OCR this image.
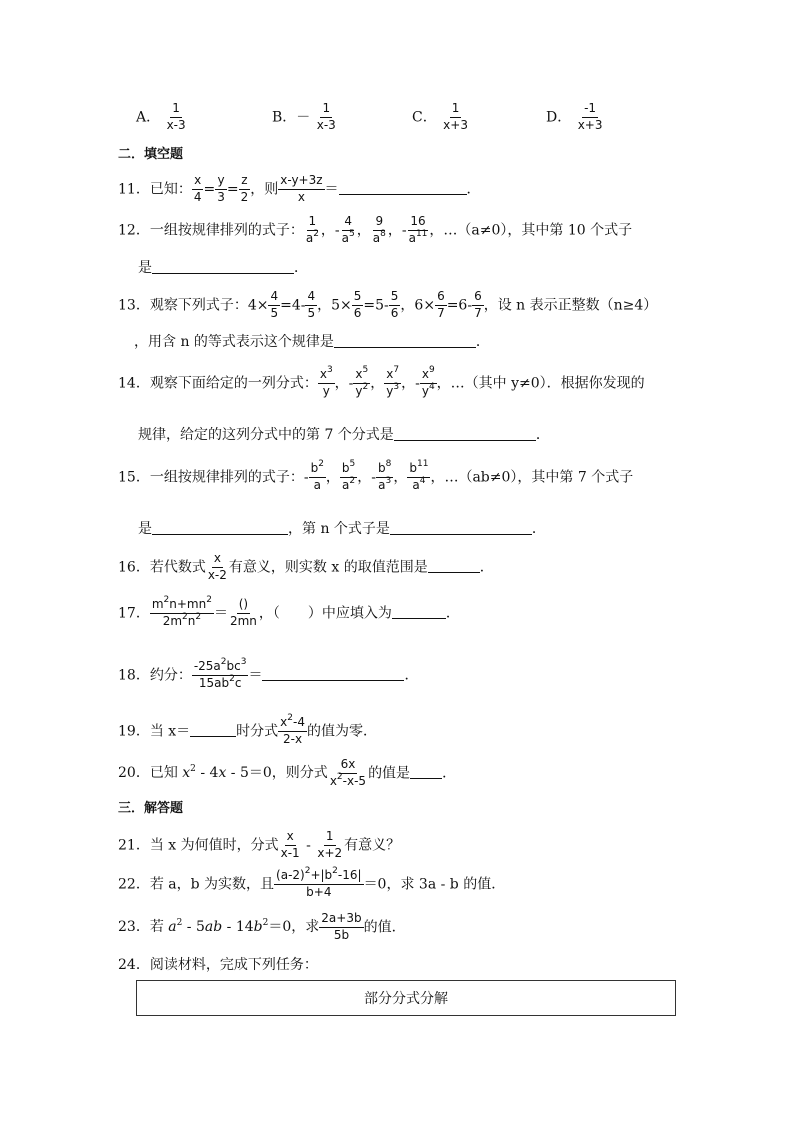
A． $\frac{1}{x-3}$	B．－ $\frac{1}{x-3}$	C． $\frac{1}{x+3}$	D． $\frac{-1}{x+3}$
二．填空题
11．已知： $\frac{x}{4} = \frac{y}{3} = \frac{z}{2}$ ，则 $\frac{x-y+3z}{x}$ ＝	．
12．一组按规律排列的式子： $\frac{1}{a^2}$ ，- $\frac{4}{a^5}$ ， $\frac{9}{a^8}$ ，- $\frac{16}{a^{11}}$ ，…（a≠0），其中第 10 个式子
是	．
13．观察下列式子：$4\times \frac{4}{5} =4- \frac{4}{5}$ ，$5\times \frac{5}{6} =5- \frac{5}{6}$ ，$6\times \frac{6}{7} =6- \frac{6}{7}$ ，设 n 表示正整数（n≥4）
，用含 n 的等式表示这个规律是	．
14．观察下面给定的一列分式： $\frac{x^3}{y}$ ，- $\frac{x^5}{y^2}$ ， $\frac{x^7}{y^3}$ ，- $\frac{x^9}{y^4}$ ，…（其中 y≠0）．根据你发现的
规律，给定的这列分式中的第 7 个分式是	．
15．一组按规律排列的式子：- $\frac{b^2}{a}$ ， $\frac{b^5}{a^2}$ ，- $\frac{b^8}{a^3}$ ， $\frac{b^{11}}{a^4}$ ，…（ab≠0），其中第 7 个式子
是	，第 n 个式子是	．
16．若代数式 $\frac{x}{x-2}$ 有意义，则实数 x 的取值范围是	．
17． $\frac{m^2n+mn^2}{2m^2n^2} = \frac{()}{2mn}$ ，（　　）中应填入为	．
18．约分： $\frac{-25a^2bc^3}{15ab^2c}$ ＝	．
19．当 x＝	时分式 $\frac{x^2-4}{2-x}$ 的值为零．
20．已知 $x^2 - 4x - 5=0$，则分式 $\frac{6x}{x^2-x-5}$ 的值是 ．
三．解答题
21．当 x 为何值时，分式 $\frac{x}{x-1} - \frac{1}{x+2}$ 有意义？
22．若 a，b 为实数，且 $\frac{(a-2)^2+|b^2-16|}{b+4} =0$，求 3a - b 的值．
23．若 $a^2 - 5ab - 14b^2=0$，求 $\frac{2a+3b}{5b}$ 的值．
24．阅读材料，完成下列任务：
部分分式分解
